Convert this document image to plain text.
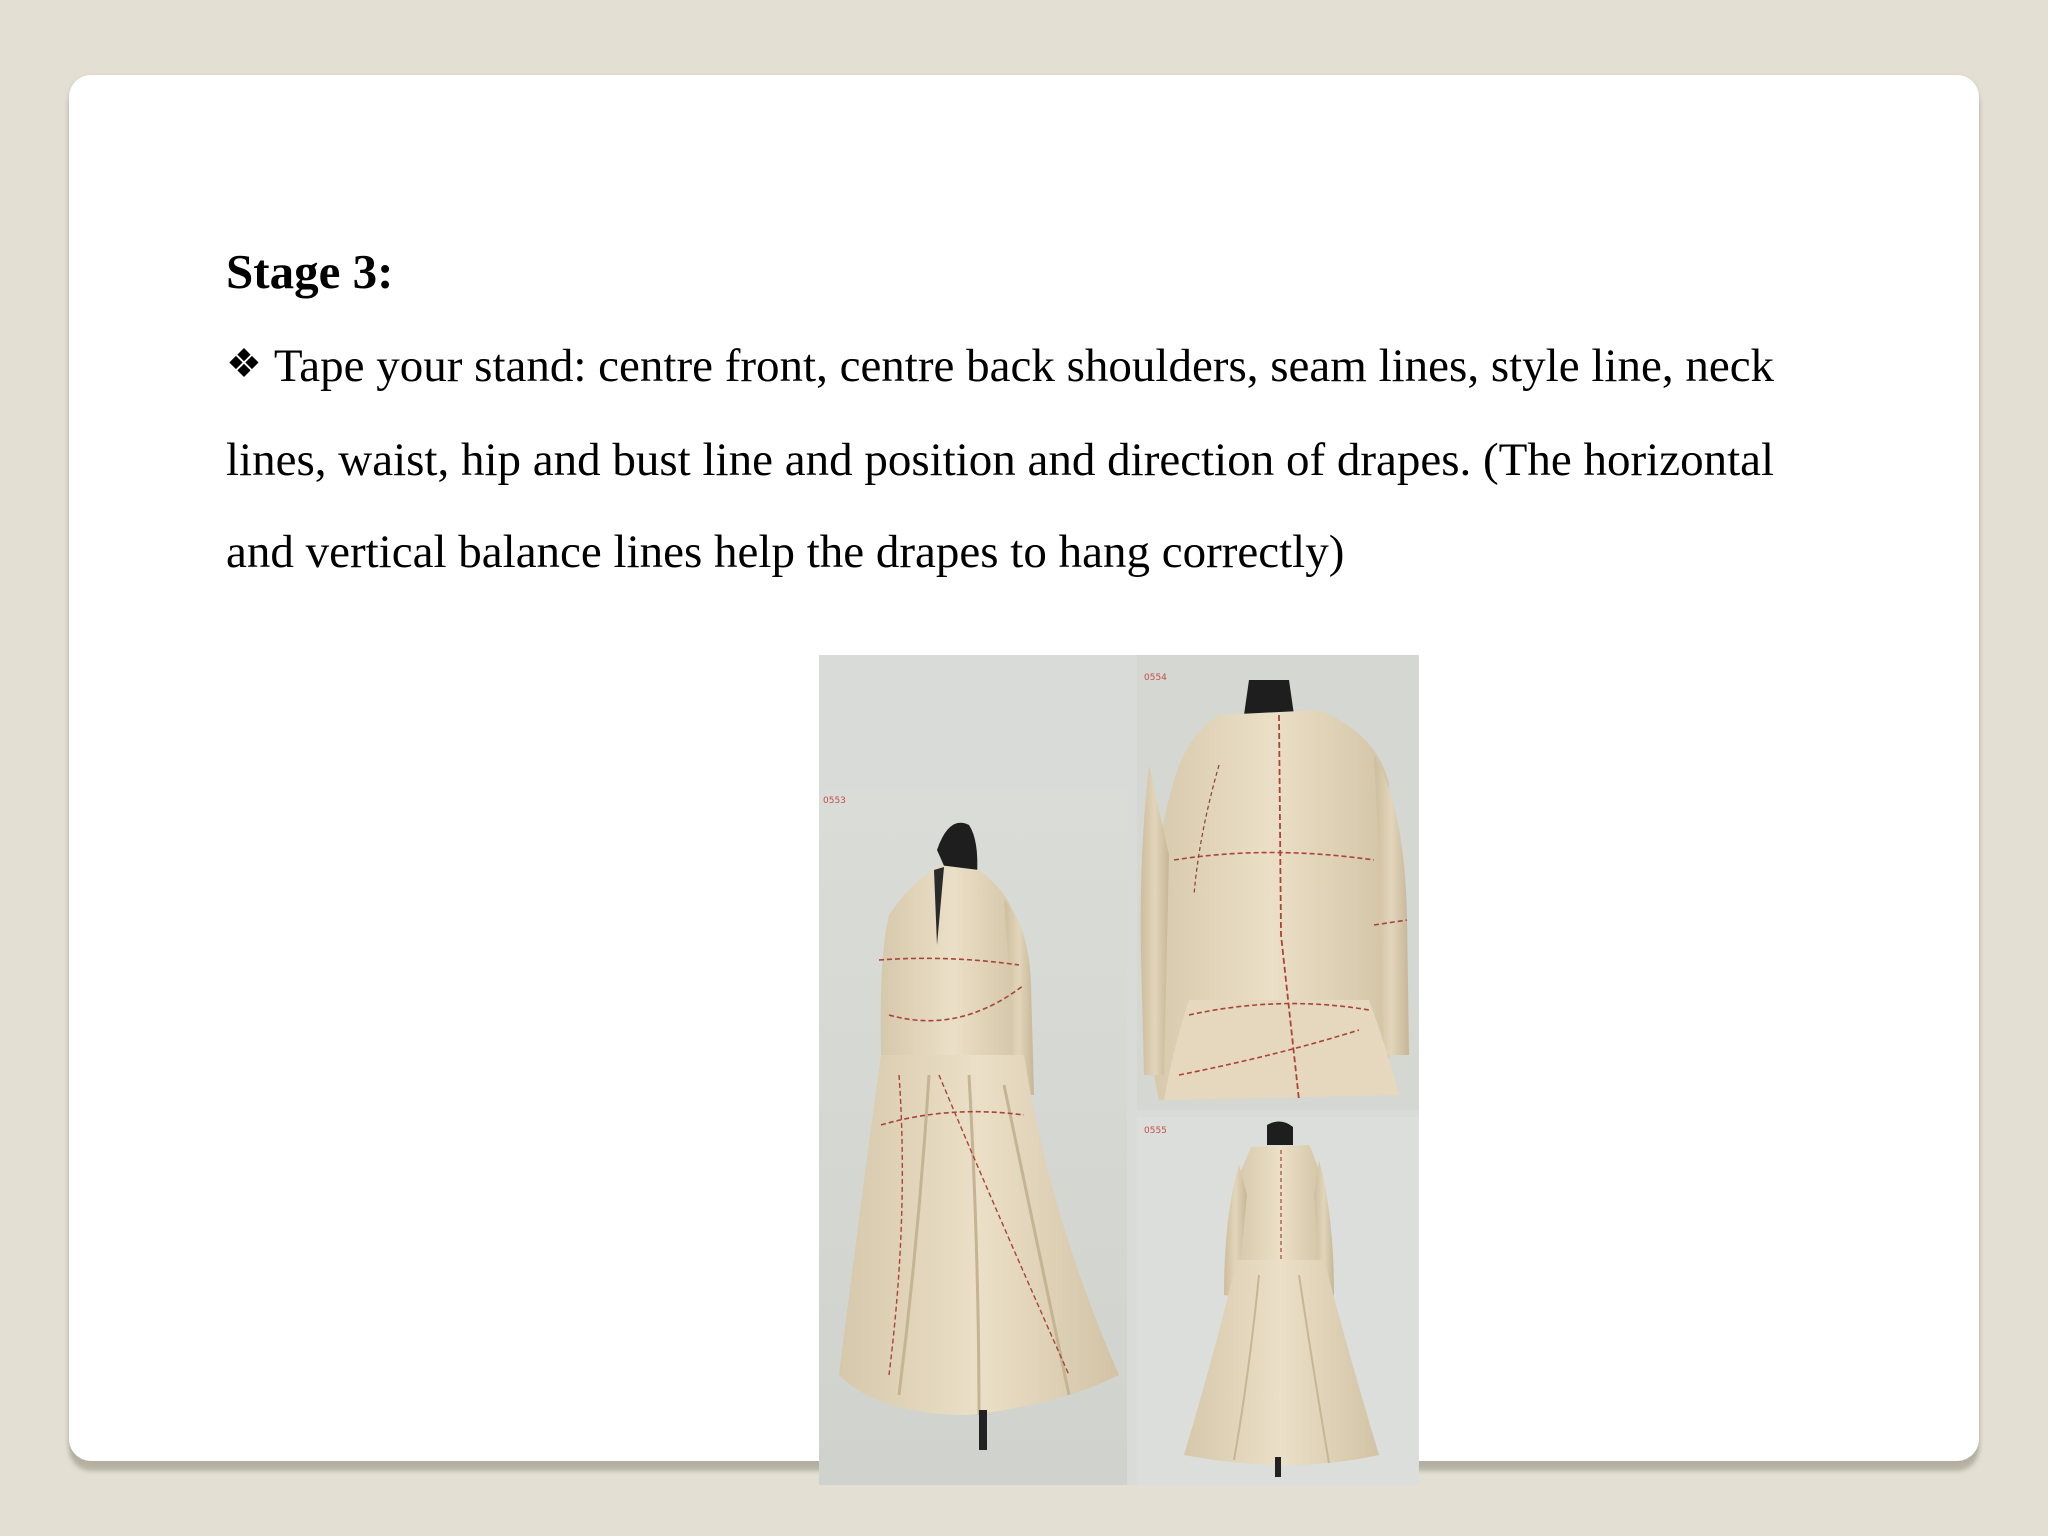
Stage 3:

❖ Tape your stand: centre front, centre back shoulders, seam lines, style line, neck lines, waist, hip and bust line and position and direction of drapes. (The horizontal and vertical balance lines help the drapes to hang correctly)

0553
0554
0555
